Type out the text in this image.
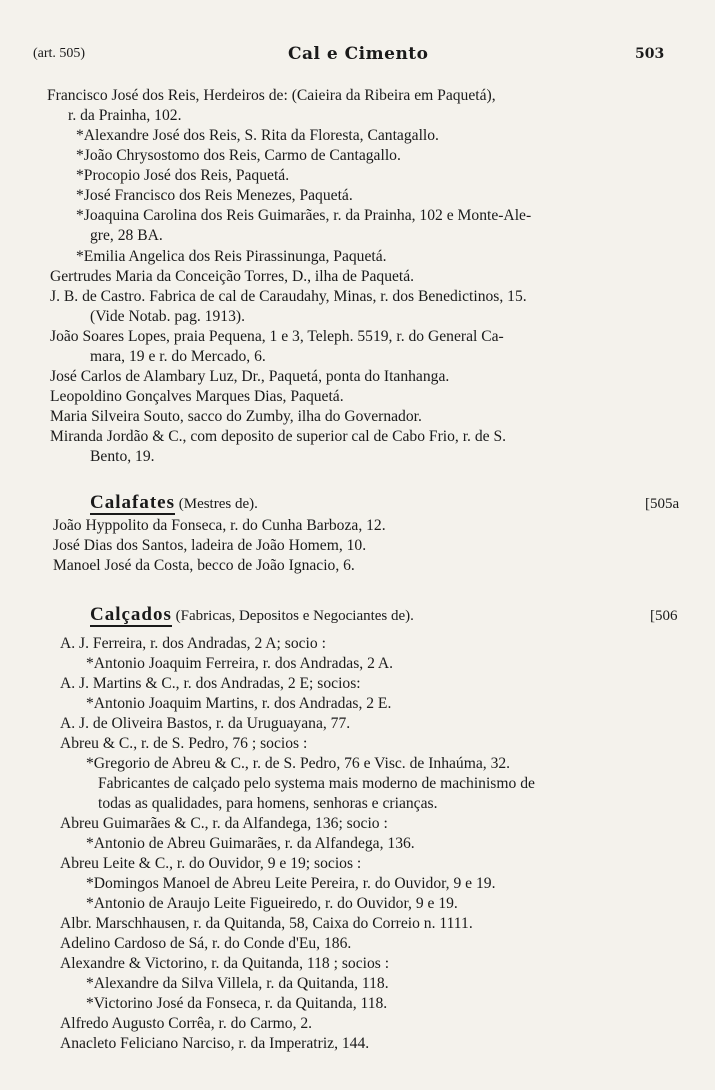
(art. 505)	Cal e Cimento	503
Francisco José dos Reis, Herdeiros de: (Caieira da Ribeira em Paquetá),
r. da Prainha, 102.
*Alexandre José dos Reis, S. Rita da Floresta, Cantagallo.
*João Chrysostomo dos Reis, Carmo de Cantagallo.
*Procopio José dos Reis, Paquetá.
*José Francisco dos Reis Menezes, Paquetá.
*Joaquina Carolina dos Reis Guimarães, r. da Prainha, 102 e Monte-Ale-
gre, 28 BA.
*Emilia Angelica dos Reis Pirassinunga, Paquetá.
Gertrudes Maria da Conceição Torres, D., ilha de Paquetá.
J. B. de Castro. Fabrica de cal de Caraudahy, Minas, r. dos Benedictinos, 15.
(Vide Notab. pag. 1913).
João Soares Lopes, praia Pequena, 1 e 3, Teleph. 5519, r. do General Ca-
mara, 19 e r. do Mercado, 6.
José Carlos de Alambary Luz, Dr., Paquetá, ponta do Itanhanga.
Leopoldino Gonçalves Marques Dias, Paquetá.
Maria Silveira Souto, sacco do Zumby, ilha do Governador.
Miranda Jordão & C., com deposito de superior cal de Cabo Frio, r. de S.
Bento, 19.
Calafates (Mestres de).	[505a
João Hyppolito da Fonseca, r. do Cunha Barboza, 12.
José Dias dos Santos, ladeira de João Homem, 10.
Manoel José da Costa, becco de João Ignacio, 6.
Calçados (Fabricas, Depositos e Negociantes de).	[506
A. J. Ferreira, r. dos Andradas, 2 A; socio :
*Antonio Joaquim Ferreira, r. dos Andradas, 2 A.
A. J. Martins & C., r. dos Andradas, 2 E; socios:
*Antonio Joaquim Martins, r. dos Andradas, 2 E.
A. J. de Oliveira Bastos, r. da Uruguayana, 77.
Abreu & C., r. de S. Pedro, 76 ; socios :
*Gregorio de Abreu & C., r. de S. Pedro, 76 e Visc. de Inhaúma, 32.
Fabricantes de calçado pelo systema mais moderno de machinismo de
todas as qualidades, para homens, senhoras e crianças.
Abreu Guimarães & C., r. da Alfandega, 136; socio :
*Antonio de Abreu Guimarães, r. da Alfandega, 136.
Abreu Leite & C., r. do Ouvidor, 9 e 19; socios :
*Domingos Manoel de Abreu Leite Pereira, r. do Ouvidor, 9 e 19.
*Antonio de Araujo Leite Figueiredo, r. do Ouvidor, 9 e 19.
Albr. Marschhausen, r. da Quitanda, 58, Caixa do Correio n. 1111.
Adelino Cardoso de Sá, r. do Conde d'Eu, 186.
Alexandre & Victorino, r. da Quitanda, 118 ; socios :
*Alexandre da Silva Villela, r. da Quitanda, 118.
*Victorino José da Fonseca, r. da Quitanda, 118.
Alfredo Augusto Corrêa, r. do Carmo, 2.
Anacleto Feliciano Narciso, r. da Imperatriz, 144.
